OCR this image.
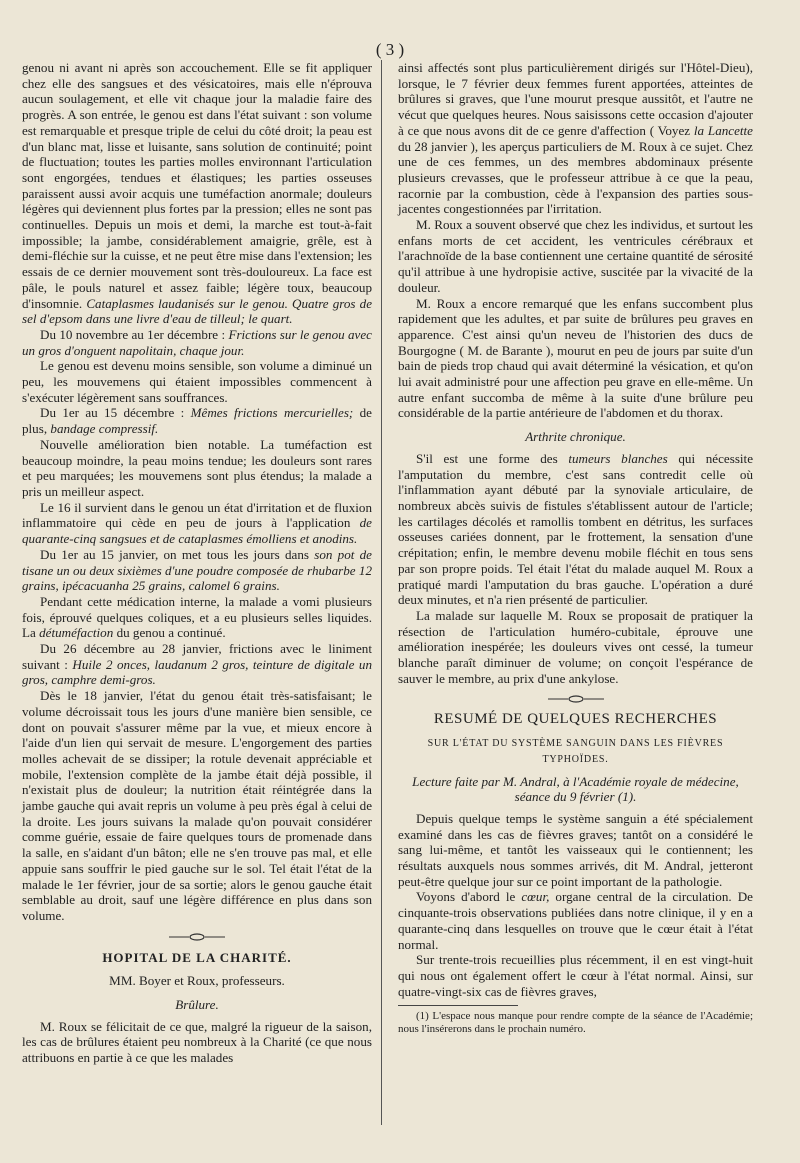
( 3 )

genou ni avant ni après son accouchement. Elle se fit appliquer chez elle des sangsues et des vésicatoires, mais elle n'éprouva aucun soulagement, et elle vit chaque jour la maladie faire des progrès. A son entrée, le genou est dans l'état suivant : son volume est remarquable et presque triple de celui du côté droit; la peau est d'un blanc mat, lisse et luisante, sans solution de continuité; point de fluctuation; toutes les parties molles environnant l'articulation sont engorgées, tendues et élastiques; les parties osseuses paraissent aussi avoir acquis une tuméfaction anormale; douleurs légères qui deviennent plus fortes par la pression; elles ne sont pas continuelles. Depuis un mois et demi, la marche est tout-à-fait impossible; la jambe, considérablement amaigrie, grêle, est à demi-fléchie sur la cuisse, et ne peut être mise dans l'extension; les essais de ce dernier mouvement sont très-douloureux. La face est pâle, le pouls naturel et assez faible; légère toux, beaucoup d'insomnie. Cataplasmes laudanisés sur le genou. Quatre gros de sel d'epsom dans une livre d'eau de tilleul; le quart.

Du 10 novembre au 1er décembre : Frictions sur le genou avec un gros d'onguent napolitain, chaque jour.

Le genou est devenu moins sensible, son volume a diminué un peu, les mouvemens qui étaient impossibles commencent à s'exécuter légèrement sans souffrances.

Du 1er au 15 décembre : Mêmes frictions mercurielles; de plus, bandage compressif.

Nouvelle amélioration bien notable. La tuméfaction est beaucoup moindre, la peau moins tendue; les douleurs sont rares et peu marquées; les mouvemens sont plus étendus; la malade a pris un meilleur aspect.

Le 16 il survient dans le genou un état d'irritation et de fluxion inflammatoire qui cède en peu de jours à l'application de quarante-cinq sangsues et de cataplasmes émolliens et anodins.

Du 1er au 15 janvier, on met tous les jours dans son pot de tisane un ou deux sixièmes d'une poudre composée de rhubarbe 12 grains, ipécacuanha 25 grains, calomel 6 grains.

Pendant cette médication interne, la malade a vomi plusieurs fois, éprouvé quelques coliques, et a eu plusieurs selles liquides. La détuméfaction du genou a continué.

Du 26 décembre au 28 janvier, frictions avec le liniment suivant : Huile 2 onces, laudanum 2 gros, teinture de digitale un gros, camphre demi-gros.

Dès le 18 janvier, l'état du genou était très-satisfaisant; le volume décroissait tous les jours d'une manière bien sensible, ce dont on pouvait s'assurer même par la vue, et mieux encore à l'aide d'un lien qui servait de mesure. L'engorgement des parties molles achevait de se dissiper; la rotule devenait appréciable et mobile, l'extension complète de la jambe était déjà possible, il n'existait plus de douleur; la nutrition était réintégrée dans la jambe gauche qui avait repris un volume à peu près égal à celui de la droite. Les jours suivans la malade qu'on pouvait considérer comme guérie, essaie de faire quelques tours de promenade dans la salle, en s'aidant d'un bâton; elle ne s'en trouve pas mal, et elle appuie sans souffrir le pied gauche sur le sol. Tel était l'état de la malade le 1er février, jour de sa sortie; alors le genou gauche était semblable au droit, sauf une légère différence en plus dans son volume.

HOPITAL DE LA CHARITÉ.
MM. Boyer et Roux, professeurs.
Brûlure.

M. Roux se félicitait de ce que, malgré la rigueur de la saison, les cas de brûlures étaient peu nombreux à la Charité (ce que nous attribuons en partie à ce que les malades

ainsi affectés sont plus particulièrement dirigés sur l'Hôtel-Dieu), lorsque, le 7 février deux femmes furent apportées, atteintes de brûlures si graves, que l'une mourut presque aussitôt, et l'autre ne vécut que quelques heures. Nous saisissons cette occasion d'ajouter à ce que nous avons dit de ce genre d'affection ( Voyez la Lancette du 28 janvier ), les aperçus particuliers de M. Roux à ce sujet. Chez une de ces femmes, un des membres abdominaux présente plusieurs crevasses, que le professeur attribue à ce que la peau, racornie par la combustion, cède à l'expansion des parties sous-jacentes congestionnées par l'irritation.

M. Roux a souvent observé que chez les individus, et surtout les enfans morts de cet accident, les ventricules cérébraux et l'arachnoïde de la base contiennent une certaine quantité de sérosité qu'il attribue à une hydropisie active, suscitée par la vivacité de la douleur.

M. Roux a encore remarqué que les enfans succombent plus rapidement que les adultes, et par suite de brûlures peu graves en apparence. C'est ainsi qu'un neveu de l'historien des ducs de Bourgogne ( M. de Barante ), mourut en peu de jours par suite d'un bain de pieds trop chaud qui avait déterminé la vésication, et qu'on lui avait administré pour une affection peu grave en elle-même. Un autre enfant succomba de même à la suite d'une brûlure peu considérable de la partie antérieure de l'abdomen et du thorax.

Arthrite chronique.

S'il est une forme des tumeurs blanches qui nécessite l'amputation du membre, c'est sans contredit celle où l'inflammation ayant débuté par la synoviale articulaire, de nombreux abcès suivis de fistules s'établissent autour de l'article; les cartilages décolés et ramollis tombent en détritus, les surfaces osseuses cariées donnent, par le frottement, la sensation d'une crépitation; enfin, le membre devenu mobile fléchit en tous sens par son propre poids. Tel était l'état du malade auquel M. Roux a pratiqué mardi l'amputation du bras gauche. L'opération a duré deux minutes, et n'a rien présenté de particulier.

La malade sur laquelle M. Roux se proposait de pratiquer la résection de l'articulation huméro-cubitale, éprouve une amélioration inespérée; les douleurs vives ont cessé, la tumeur blanche paraît diminuer de volume; on conçoit l'espérance de sauver le membre, au prix d'une ankylose.

RESUMÉ DE QUELQUES RECHERCHES
SUR L'ÉTAT DU SYSTÈME SANGUIN DANS LES FIÈVRES TYPHOÏDES.
Lecture faite par M. Andral, à l'Académie royale de médecine, séance du 9 février (1).

Depuis quelque temps le système sanguin a été spécialement examiné dans les cas de fièvres graves; tantôt on a considéré le sang lui-même, et tantôt les vaisseaux qui le contiennent; les résultats auxquels nous sommes arrivés, dit M. Andral, jetteront peut-être quelque jour sur ce point important de la pathologie.

Voyons d'abord le cœur, organe central de la circulation. De cinquante-trois observations publiées dans notre clinique, il y en a quarante-cinq dans lesquelles on trouve que le cœur était à l'état normal.

Sur trente-trois recueillies plus récemment, il en est vingt-huit qui nous ont également offert le cœur à l'état normal. Ainsi, sur quatre-vingt-six cas de fièvres graves,

(1) L'espace nous manque pour rendre compte de la séance de l'Académie; nous l'insérerons dans le prochain numéro.
